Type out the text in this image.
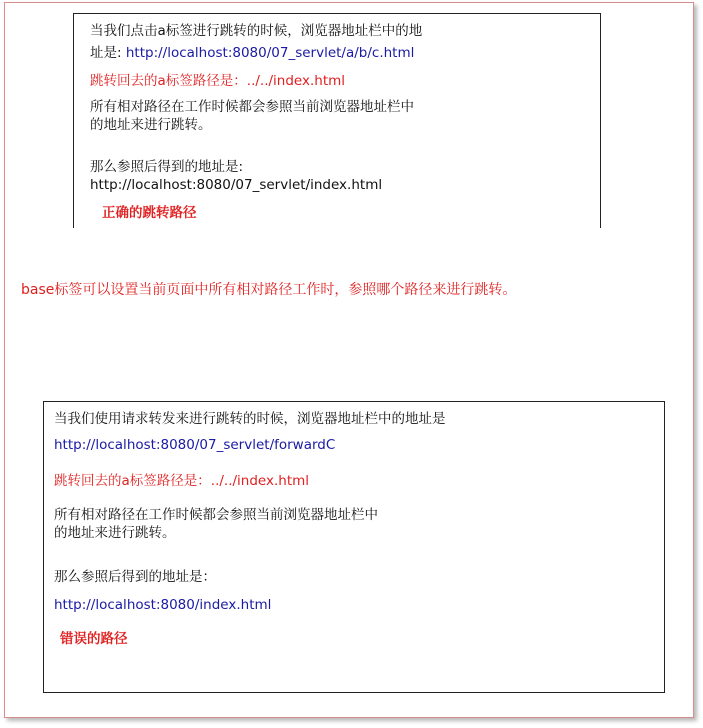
当我们点击a标签进行跳转的时候，浏览器地址栏中的地
址是: http://localhost:8080/07_servlet/a/b/c.html
跳转回去的a标签路径是：../../index.html
所有相对路径在工作时候都会参照当前浏览器地址栏中
的地址来进行跳转。
那么参照后得到的地址是:
http://localhost:8080/07_servlet/index.html
正确的跳转路径
base标签可以设置当前页面中所有相对路径工作时，参照哪个路径来进行跳转。
当我们使用请求转发来进行跳转的时候，浏览器地址栏中的地址是
http://localhost:8080/07_servlet/forwardC
跳转回去的a标签路径是：../../index.html
所有相对路径在工作时候都会参照当前浏览器地址栏中
的地址来进行跳转。
那么参照后得到的地址是：
http://localhost:8080/index.html
错误的路径
